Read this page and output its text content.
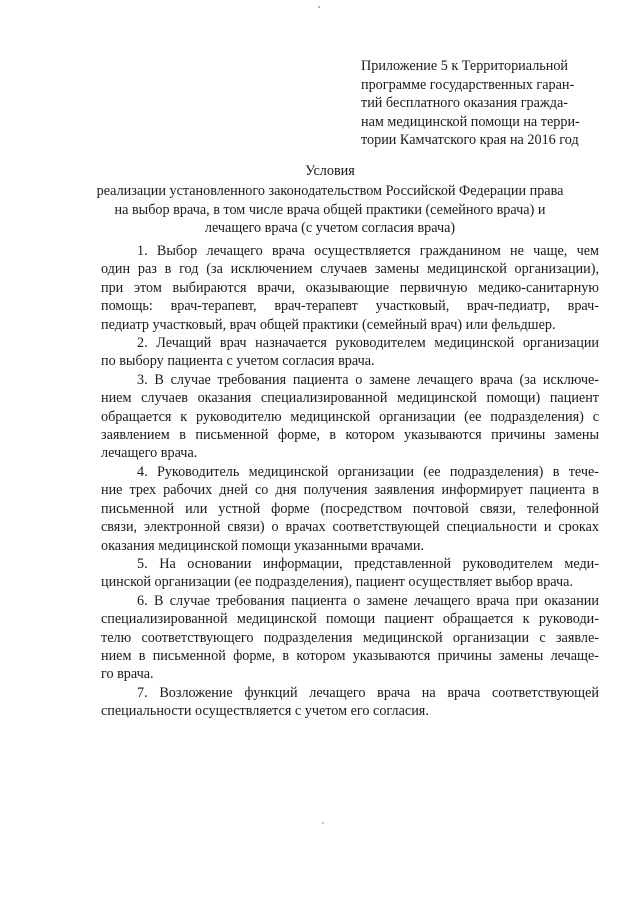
Приложение 5 к Территориальной
программе государственных гаран-
тий бесплатного оказания гражда-
нам медицинской помощи на терри-
тории Камчатского края на 2016 год
Условия
реализации установленного законодательством Российской Федерации права
на выбор врача, в том числе врача общей практики (семейного врача) и
лечащего врача (с учетом согласия врача)
1. Выбор лечащего врача осуществляется гражданином не чаще, чем
один раз в год (за исключением случаев замены медицинской организации),
при этом выбираются врачи, оказывающие первичную медико-санитарную
помощь: врач-терапевт, врач-терапевт участковый, врач-педиатр, врач-
педиатр участковый, врач общей практики (семейный врач) или фельдшер.
2. Лечащий врач назначается руководителем медицинской организации
по выбору пациента с учетом согласия врача.
3. В случае требования пациента о замене лечащего врача (за исключе-
нием случаев оказания специализированной медицинской помощи) пациент
обращается к руководителю медицинской организации (ее подразделения) с
заявлением в письменной форме, в котором указываются причины замены
лечащего врача.
4. Руководитель медицинской организации (ее подразделения) в тече-
ние трех рабочих дней со дня получения заявления информирует пациента в
письменной или устной форме (посредством почтовой связи, телефонной
связи, электронной связи) о врачах соответствующей специальности и сроках
оказания медицинской помощи указанными врачами.
5. На основании информации, представленной руководителем меди-
цинской организации (ее подразделения), пациент осуществляет выбор врача.
6. В случае требования пациента о замене лечащего врача при оказании
специализированной медицинской помощи пациент обращается к руководи-
телю соответствующего подразделения медицинской организации с заявле-
нием в письменной форме, в котором указываются причины замены лечаще-
го врача.
7. Возложение функций лечащего врача на врача соответствующей
специальности осуществляется с учетом его согласия.
